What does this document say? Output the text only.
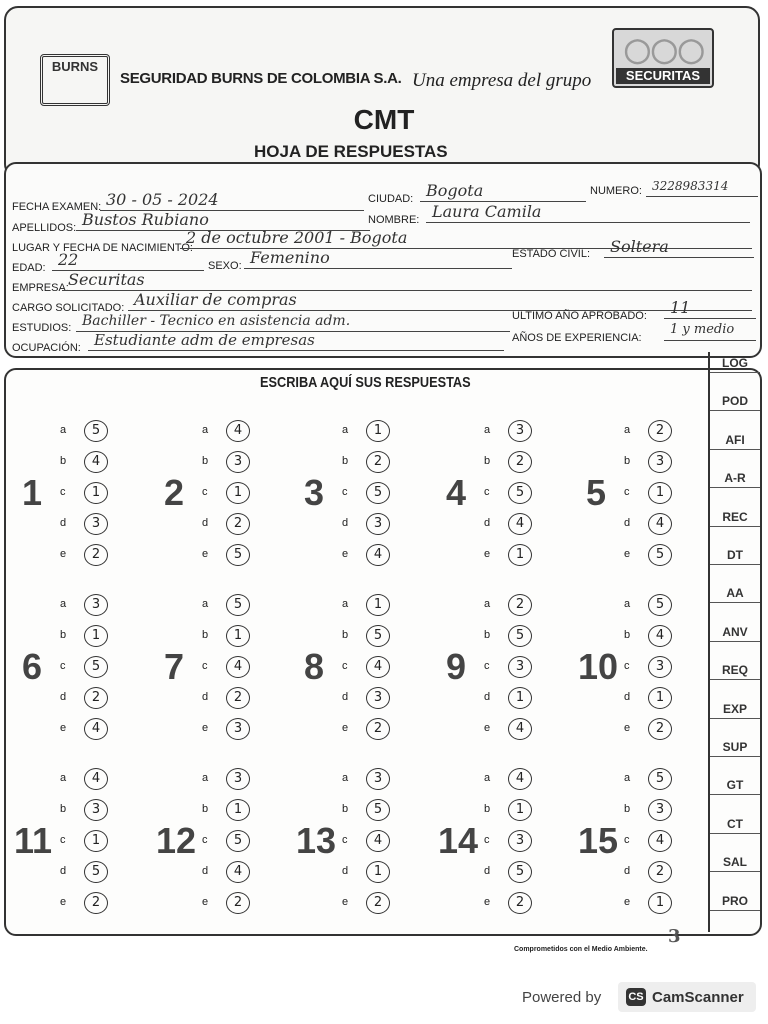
BURNS
SEGURIDAD BURNS DE COLOMBIA S.A. Una empresa del grupo
◯◯◯
SECURITAS
CMT
HOJA DE RESPUESTAS
FECHA EXAMEN: 30 - 05 - 2024	CIUDAD: Bogota	NUMERO: 3228983314
APELLIDOS: Bustos Rubiano	NOMBRE: Laura Camila
LUGAR Y FECHA DE NACIMIENTO:
2 de octubre 2001 - Bogota
EDAD: 22	SEXO: Femenino	ESTADO CIVIL:	Soltera
EMPRESA: Securitas
CARGO SOLICITADO: Auxiliar de compras
ESTUDIOS: Bachiller - Tecnico en asistencia adm.	ULTIMO AÑO APROBADO:	11
OCUPACIÓN: Estudiante adm de empresas	AÑOS DE EXPERIENCIA:
1 y medio
ESCRIBA AQUÍ SUS RESPUESTAS
1
a	5
b	4
c	1
d	3
e	2
2
a	4
b	3
c	1
d	2
e	5
3
a	1
b	2
c	5
d	3
e	4
4
a	3
b	2
c	5
d	4
e	1
5
a	2
b	3
c	1
d	4
e	5
6
a	3
b	1
c	5
d	2
e	4
7
a	5
b	1
c	4
d	2
e	3
8
a	1
b	5
c	4
d	3
e	2
9
a	2
b	5
c	3
d	1
e	4
10
a	5
b	4
c	3
d	1
e	2
11
a	4
b	3
c	1
d	5
e	2
12
a	3
b	1
c	5
d	4
e	2
13
a	3
b	5
c	4
d	1
e	2
14
a	4
b	1
c	3
d	5
e	2
15
a	5
b	3
c	4
d	2
e	1
LOG
POD
AFI
A-R
REC
DT
AA
ANV
REQ
EXP
SUP
GT
CT
SAL
PRO
3
Comprometidos con el Medio Ambiente.
Powered by CS CamScanner
